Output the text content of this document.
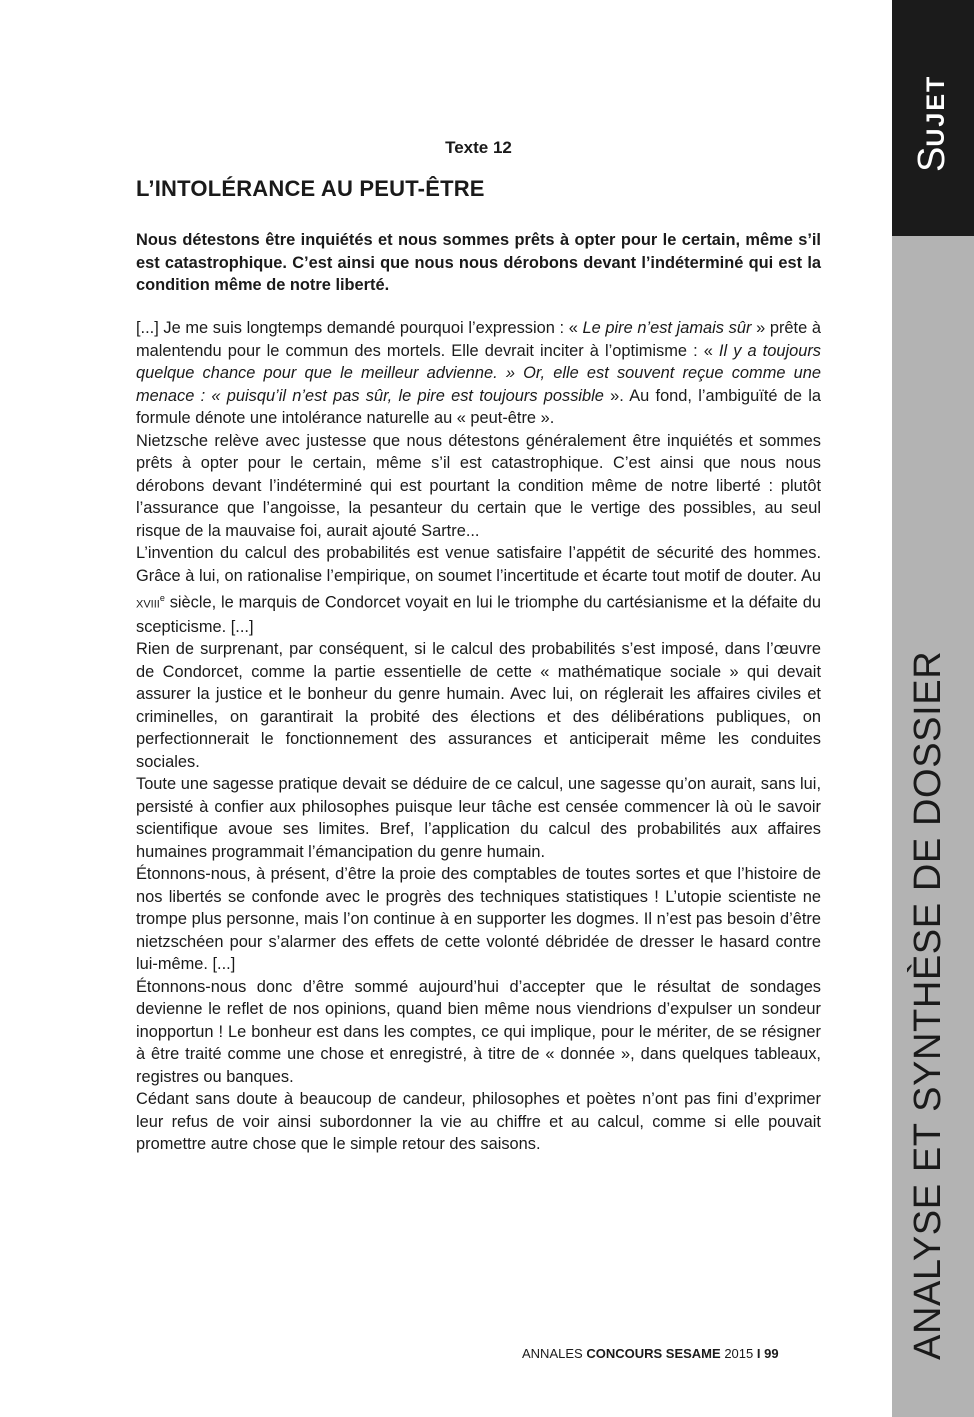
SUJET
ANALYSE ET SYNTHÈSE DE DOSSIER
Texte 12
L’INTOLÉRANCE AU PEUT-ÊTRE

Nous détestons être inquiétés et nous sommes prêts à opter pour le certain, même s’il est catastrophique. C’est ainsi que nous nous dérobons devant l’indéterminé qui est la condition même de notre liberté.

[...] Je me suis longtemps demandé pourquoi l’expression : « Le pire n’est jamais sûr » prête à malentendu pour le commun des mortels. Elle devrait inciter à l’optimisme : « Il y a toujours quelque chance pour que le meilleur advienne. » Or, elle est souvent reçue comme une menace : « puisqu’il n’est pas sûr, le pire est toujours possible ». Au fond, l’ambiguïté de la formule dénote une intolérance naturelle au « peut-être ».

Nietzsche relève avec justesse que nous détestons généralement être inquiétés et sommes prêts à opter pour le certain, même s’il est catastrophique. C’est ainsi que nous nous dérobons devant l’indéterminé qui est pourtant la condition même de notre liberté : plutôt l’assurance que l’angoisse, la pesanteur du certain que le vertige des possibles, au seul risque de la mauvaise foi, aurait ajouté Sartre...

L’invention du calcul des probabilités est venue satisfaire l’appétit de sécurité des hommes. Grâce à lui, on rationalise l’empirique, on soumet l’incertitude et écarte tout motif de douter. Au XVIIIe siècle, le marquis de Condorcet voyait en lui le triomphe du cartésianisme et la défaite du scepticisme. [...]

Rien de surprenant, par conséquent, si le calcul des probabilités s’est imposé, dans l’œuvre de Condorcet, comme la partie essentielle de cette « mathématique sociale » qui devait assurer la justice et le bonheur du genre humain. Avec lui, on réglerait les affaires civiles et criminelles, on garantirait la probité des élections et des délibérations publiques, on perfectionnerait le fonctionnement des assurances et anticiperait même les conduites sociales.

Toute une sagesse pratique devait se déduire de ce calcul, une sagesse qu’on aurait, sans lui, persisté à confier aux philosophes puisque leur tâche est censée commencer là où le savoir scientifique avoue ses limites. Bref, l’application du calcul des probabilités aux affaires humaines programmait l’émancipation du genre humain.

Étonnons-nous, à présent, d’être la proie des comptables de toutes sortes et que l’histoire de nos libertés se confonde avec le progrès des techniques statistiques ! L’utopie scientiste ne trompe plus personne, mais l’on continue à en supporter les dogmes. Il n’est pas besoin d’être nietzschéen pour s’alarmer des effets de cette volonté débridée de dresser le hasard contre lui-même. [...]

Étonnons-nous donc d’être sommé aujourd’hui d’accepter que le résultat de sondages devienne le reflet de nos opinions, quand bien même nous viendrions d’expulser un sondeur inopportun ! Le bonheur est dans les comptes, ce qui implique, pour le mériter, de se résigner à être traité comme une chose et enregistré, à titre de « donnée », dans quelques tableaux, registres ou banques.

Cédant sans doute à beaucoup de candeur, philosophes et poètes n’ont pas fini d’exprimer leur refus de voir ainsi subordonner la vie au chiffre et au calcul, comme si elle pouvait promettre autre chose que le simple retour des saisons.

ANNALES CONCOURS SESAME 2015 I 99
